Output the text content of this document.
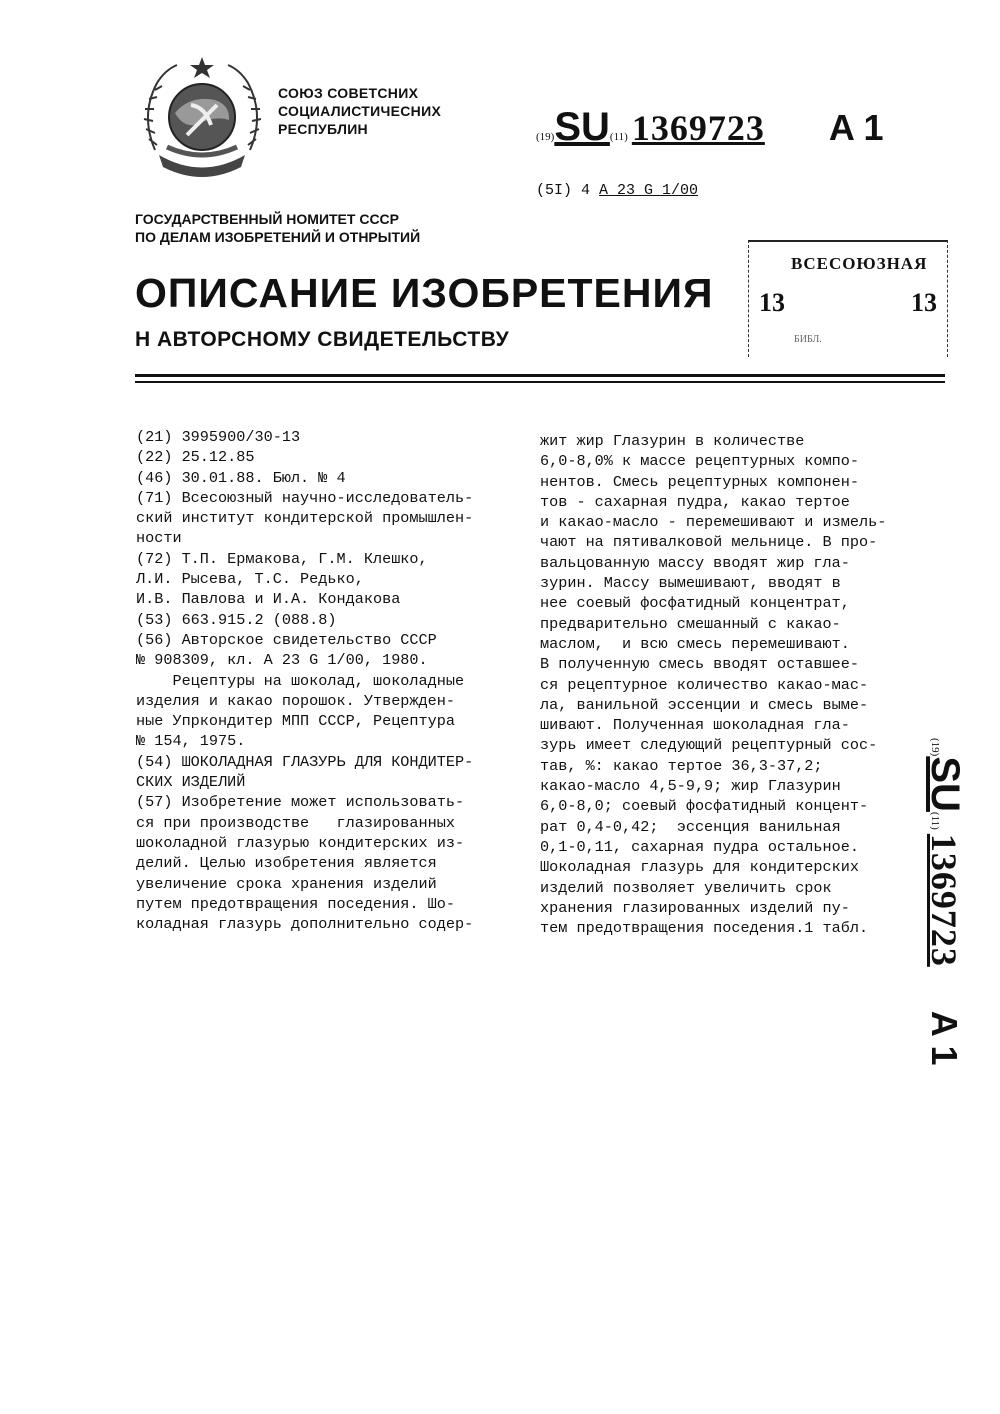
СОЮЗ СОВЕТСНИХ
СОЦИАЛИСТИЧЕСНИХ
РЕСПУБЛИН	(19)SU(11) 1369723 A 1
(5I) 4 A 23 G 1/00
ГОСУДАРСТВЕННЫЙ НОМИТЕТ СССР
ПО ДЕЛАМ ИЗОБРЕТЕНИЙ И ОТНРЫТИЙ
ОПИСАНИЕ ИЗОБРЕТЕНИЯ
Н АВТОРСНОМУ СВИДЕТЕЛЬСТВУ
ВСЕСОЮЗНАЯ
13	13
БИБЛ.
(21) 3995900/30-13
(22) 25.12.85
(46) 30.01.88. Бюл. № 4
(71) Всесоюзный научно-исследователь-
ский институт кондитерской промышлен-
ности
(72) Т.П. Ермакова, Г.М. Клешко,
Л.И. Рысева, Т.С. Редько,
И.В. Павлова и И.А. Кондакова
(53) 663.915.2 (088.8)
(56) Авторское свидетельство СССР
№ 908309, кл. А 23 G 1/00, 1980.
Рецептуры на шоколад, шоколадные
изделия и какао порошок. Утвержден-
ные Упркондитер МПП СССР, Рецептура
№ 154, 1975.
(54) ШОКОЛАДНАЯ ГЛАЗУРЬ ДЛЯ КОНДИТЕР-
СКИХ ИЗДЕЛИЙ
(57) Изобретение может использовать-
ся при производстве   глазированных
шоколадной глазурью кондитерских из-
делий. Целью изобретения является
увеличение срока хранения изделий
путем предотвращения поседения. Шо-
коладная глазурь дополнительно содер-
жит жир Глазурин в количестве
6,0-8,0% к массе рецептурных компо-
нентов. Смесь рецептурных компонен-
тов - сахарная пудра, какао тертое
и какао-масло - перемешивают и измель-
чают на пятивалковой мельнице. В про-
вальцованную массу вводят жир гла-
зурин. Массу вымешивают, вводят в
нее соевый фосфатидный концентрат,
предварительно смешанный с какао-
маслом,  и всю смесь перемешивают.
В полученную смесь вводят оставшее-
ся рецептурное количество какао-мас-
ла, ванильной эссенции и смесь выме-
шивают. Полученная шоколадная гла-
зурь имеет следующий рецептурный сос-
тав, %: какао тертое 36,3-37,2;
какао-масло 4,5-9,9; жир Глазурин
6,0-8,0; соевый фосфатидный концент-
рат 0,4-0,42;  эссенция ванильная
0,1-0,11, сахарная пудра остальное.
Шоколадная глазурь для кондитерских
изделий позволяет увеличить срок
хранения глазированных изделий пу-
тем предотвращения поседения.1 табл.
(19)SU(11) 1369723 A 1
